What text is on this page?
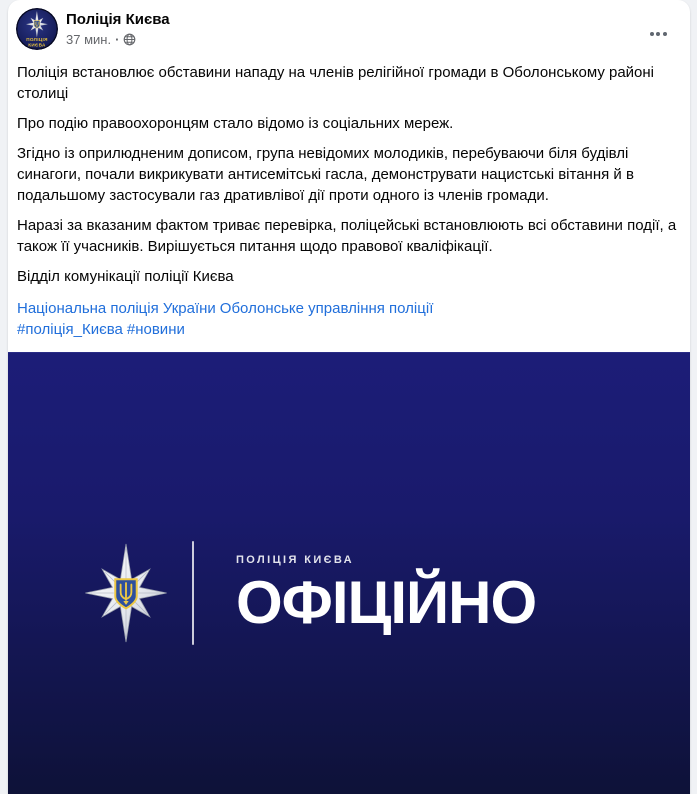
ПОЛІЦІЯ
КИЄВА
Поліція Києва
37 мин. ·

Поліція встановлює обставини нападу на членів релігійної громади в Оболонському районі столиці

Про подію правоохоронцям стало відомо із соціальних мереж.

Згідно із оприлюдненим дописом, група невідомих молодиків, перебуваючи біля будівлі синагоги, почали викрикувати антисемітські гасла, демонструвати нацистські вітання й в подальшому застосували газ дративлівої дії проти одного із членів громади.

Наразі за вказаним фактом триває перевірка, поліцейські встановлюють всі обставини події, а також її учасників. Вирішується питання щодо правової кваліфікації.

Відділ комунікації поліції Києва

Національна поліція України Оболонське управління поліції
#поліція_Києва #новини
ПОЛІЦІЯ КИЄВА
ОФІЦІЙНО
